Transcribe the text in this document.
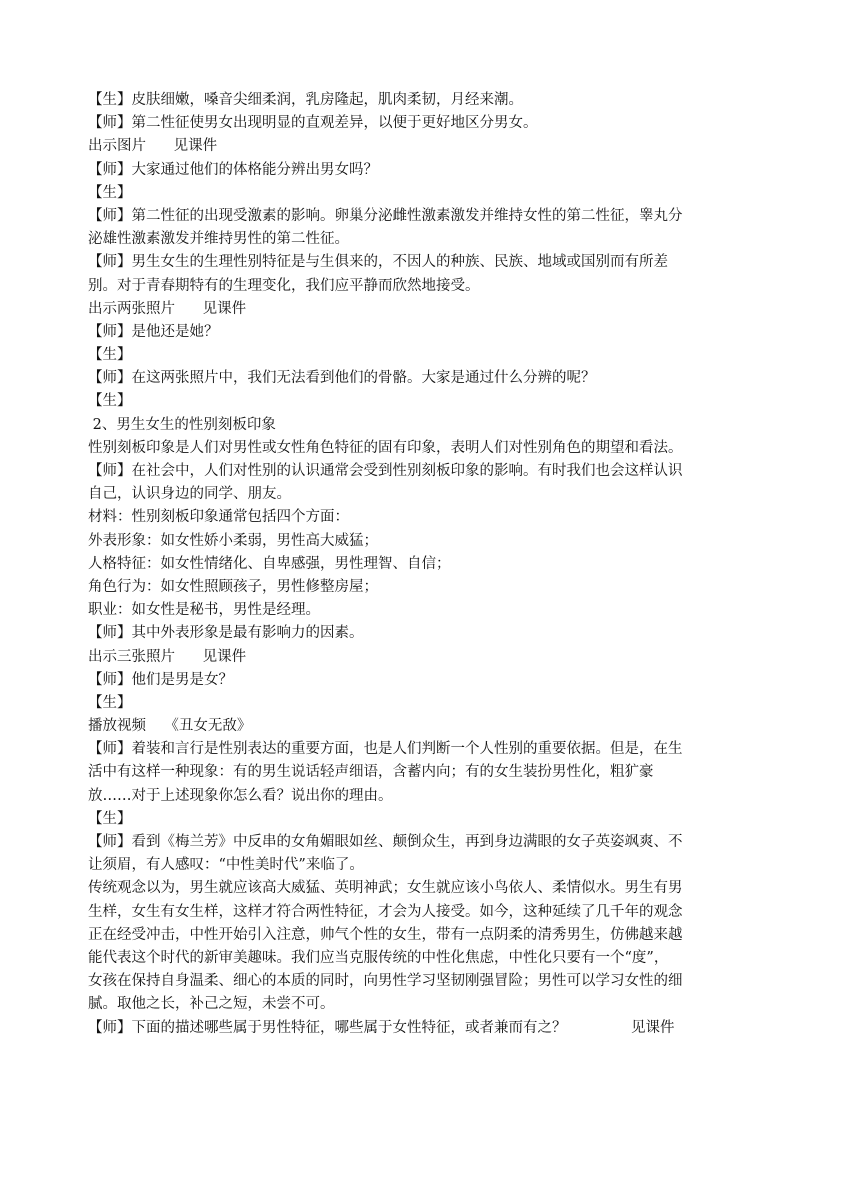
【生】皮肤细嫩，嗓音尖细柔润，乳房隆起，肌肉柔韧，月经来潮。
【师】第二性征使男女出现明显的直观差异，以便于更好地区分男女。
出示图片      见课件
【师】大家通过他们的体格能分辨出男女吗？
【生】
【师】第二性征的出现受激素的影响。卵巢分泌雌性激素激发并维持女性的第二性征，睾丸分
泌雄性激素激发并维持男性的第二性征。
【师】男生女生的生理性别特征是与生俱来的，不因人的种族、民族、地域或国别而有所差
别。对于青春期特有的生理变化，我们应平静而欣然地接受。
出示两张照片      见课件
【师】是他还是她？
【生】
【师】在这两张照片中，我们无法看到他们的骨骼。大家是通过什么分辨的呢？
【生】
2、男生女生的性别刻板印象
性别刻板印象是人们对男性或女性角色特征的固有印象，表明人们对性别角色的期望和看法。
【师】在社会中，人们对性别的认识通常会受到性别刻板印象的影响。有时我们也会这样认识
自己，认识身边的同学、朋友。
材料：性别刻板印象通常包括四个方面：
外表形象：如女性娇小柔弱，男性高大威猛；
人格特征：如女性情绪化、自卑感强，男性理智、自信；
角色行为：如女性照顾孩子，男性修整房屋；
职业：如女性是秘书，男性是经理。
【师】其中外表形象是最有影响力的因素。
出示三张照片      见课件
【师】他们是男是女？
【生】
播放视频    《丑女无敌》
【师】着装和言行是性别表达的重要方面，也是人们判断一个人性别的重要依据。但是，在生
活中有这样一种现象：有的男生说话轻声细语，含蓄内向；有的女生装扮男性化，粗犷豪
放……对于上述现象你怎么看？说出你的理由。
【生】
【师】看到《梅兰芳》中反串的女角媚眼如丝、颠倒众生，再到身边满眼的女子英姿飒爽、不
让须眉，有人感叹：“中性美时代”来临了。
传统观念以为，男生就应该高大威猛、英明神武；女生就应该小鸟依人、柔情似水。男生有男
生样，女生有女生样，这样才符合两性特征，才会为人接受。如今，这种延续了几千年的观念
正在经受冲击，中性开始引入注意，帅气个性的女生，带有一点阴柔的清秀男生，仿佛越来越
能代表这个时代的新审美趣味。我们应当克服传统的中性化焦虑，中性化只要有一个“度”，
女孩在保持自身温柔、细心的本质的同时，向男性学习坚韧刚强冒险；男性可以学习女性的细
腻。取他之长，补己之短，未尝不可。
【师】下面的描述哪些属于男性特征，哪些属于女性特征，或者兼而有之？              见课件
